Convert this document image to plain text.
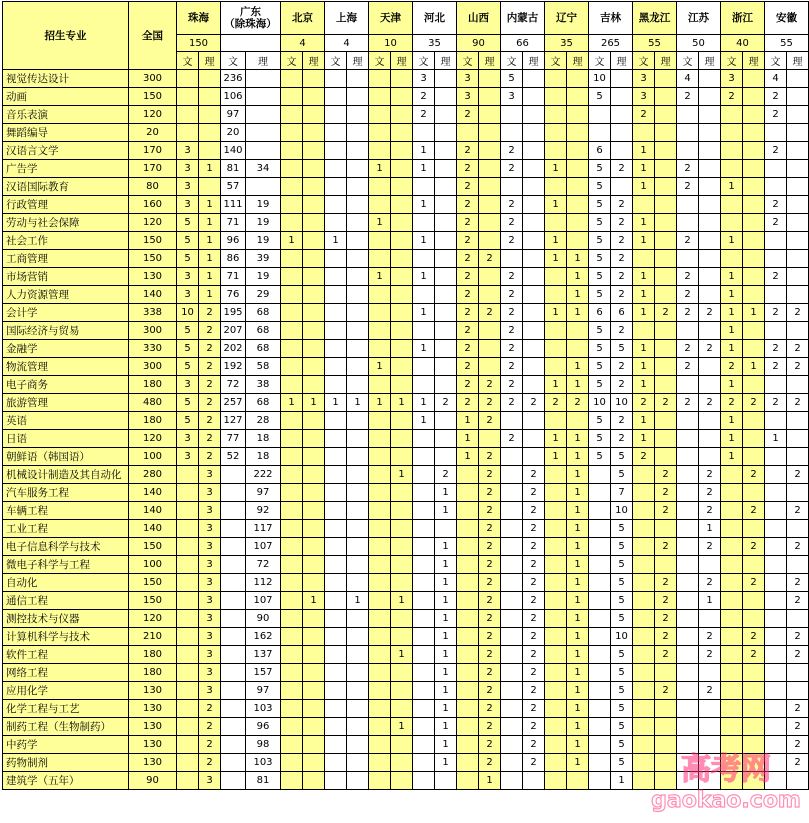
招生专业	全国	珠海		广东
（除珠海）		北京		上海		天津		河北		山西		内蒙古		辽宁		吉林		黑龙江		江苏		浙江		安徽	
		150				4		4		10		35		90		66		35		265		55		50		40		55	
		文	理	文	理	文	理	文	理	文	理	文	理	文	理	文	理	文	理	文	理	文	理	文	理	文	理	文	理
视觉传达设计	300			236								3		3		5				10		3		4		3		4	
动画	150			106								2		3		3				5		3		2		2		2	
音乐表演	120			97								2		2								2						2	
舞蹈编导	20			20																									
汉语言文学	170	3		140								1		2		2				6		1						2	
广告学	170	3	1	81	34					1		1		2		2		1		5	2	1		2					
汉语国际教育	80	3		57										2						5		1		2		1			
行政管理	160	3	1	111	19							1		2		2		1		5	2							2	
劳动与社会保障	120	5	1	71	19					1				2		2				5	2	1						2	
社会工作	150	5	1	96	19	1		1				1		2		2		1		5	2	1		2		1			
工商管理	150	5	1	86	39									2	2			1	1	5	2								
市场营销	130	3	1	71	19					1		1		2		2			1	5	2	1		2		1		2	
人力资源管理	140	3	1	76	29									2		2			1	5	2	1		2		1			
会计学	338	10	2	195	68							1		2	2	2		1	1	6	6	1	2	2	2	1	1	2	2
国际经济与贸易	300	5	2	207	68									2		2				5	2					1			
金融学	330	5	2	202	68							1		2		2				5	5	1		2	2	1		2	2
物流管理	300	5	2	192	58					1				2		2			1	5	2	1		2		2	1	2	2
电子商务	180	3	2	72	38									2	2	2		1	1	5	2	1				1			
旅游管理	480	5	2	257	68	1	1	1	1	1	1	1	2	2	2	2	2	2	2	10	10	2	2	2	2	2	2	2	2
英语	180	5	2	127	28							1		1	2					5	2	1				1			
日语	120	3	2	77	18									1		2		1	1	5	2	1				1		1	
朝鲜语（韩国语）	100	3	2	52	18									1	2			1	1	5	5	2				1			
机械设计制造及其自动化	280		3		222						1		2		2		2		1		5		2		2		2		2
汽车服务工程	140		3		97								1		2		2		1		7		2		2				
车辆工程	140		3		92								1		2		2		1		10		2		2		2		2
工业工程	140		3		117										2		2		1		5				1				
电子信息科学与技术	150		3		107								1		2		2		1		5		2		2		2		2
微电子科学与工程	100		3		72								1		2		2		1		5								
自动化	150		3		112								1		2		2		1		5		2		2		2		2
通信工程	150		3		107		1		1		1		1		2		2		1		5		2		1				2
测控技术与仪器	120		3		90								1		2		2		1		5		2						
计算机科学与技术	210		3		162								1		2		2		1		10		2		2		2		2
软件工程	180		3		137						1		1		2		2		1		5		2		2		2		2
网络工程	180		3		157								1		2		2		1		5								
应用化学	130		3		97								1		2		2		1		5		2		2				
化学工程与工艺	130		2		103								1		2		2		1		5								2
制药工程（生物制药）	130		2		96						1		1		2		2		1		5								2
中药学	130		2		98								1		2		2		1		5								2
药物制剂	130		2		103								1		2		2		1		5								2
建筑学（五年）	90		3		81										1						1								高考网
gaokao.com
